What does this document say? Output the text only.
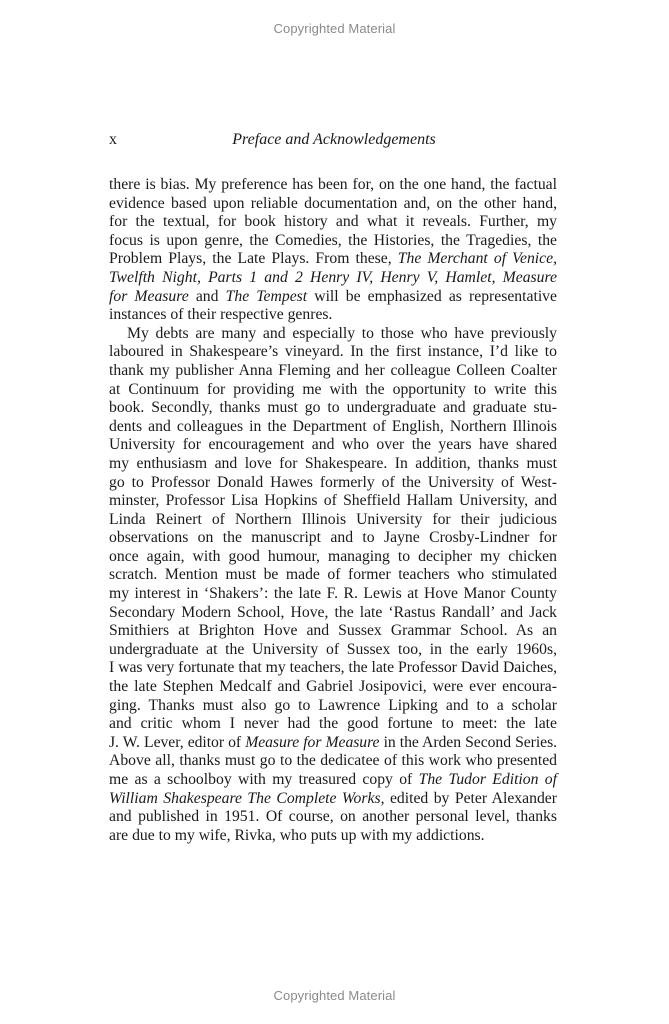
Copyrighted Material
x	Preface and Acknowledgements
there is bias. My preference has been for, on the one hand, the factual
evidence based upon reliable documentation and, on the other hand,
for the textual, for book history and what it reveals. Further, my
focus is upon genre, the Comedies, the Histories, the Tragedies, the
Problem Plays, the Late Plays. From these, The Merchant of Venice,
Twelfth Night, Parts 1 and 2 Henry IV, Henry V, Hamlet, Measure
for Measure and The Tempest will be emphasized as representative
instances of their respective genres.
My debts are many and especially to those who have previously
laboured in Shakespeare’s vineyard. In the first instance, I’d like to
thank my publisher Anna Fleming and her colleague Colleen Coalter
at Continuum for providing me with the opportunity to write this
book. Secondly, thanks must go to undergraduate and graduate stu-
dents and colleagues in the Department of English, Northern Illinois
University for encouragement and who over the years have shared
my enthusiasm and love for Shakespeare. In addition, thanks must
go to Professor Donald Hawes formerly of the University of West-
minster, Professor Lisa Hopkins of Sheffield Hallam University, and
Linda Reinert of Northern Illinois University for their judicious
observations on the manuscript and to Jayne Crosby-Lindner for
once again, with good humour, managing to decipher my chicken
scratch. Mention must be made of former teachers who stimulated
my interest in ‘Shakers’: the late F. R. Lewis at Hove Manor County
Secondary Modern School, Hove, the late ‘Rastus Randall’ and Jack
Smithiers at Brighton Hove and Sussex Grammar School. As an
undergraduate at the University of Sussex too, in the early 1960s,
I was very fortunate that my teachers, the late Professor David Daiches,
the late Stephen Medcalf and Gabriel Josipovici, were ever encoura-
ging. Thanks must also go to Lawrence Lipking and to a scholar
and critic whom I never had the good fortune to meet: the late
J. W. Lever, editor of Measure for Measure in the Arden Second Series.
Above all, thanks must go to the dedicatee of this work who presented
me as a schoolboy with my treasured copy of The Tudor Edition of
William Shakespeare The Complete Works, edited by Peter Alexander
and published in 1951. Of course, on another personal level, thanks
are due to my wife, Rivka, who puts up with my addictions.
Copyrighted Material
